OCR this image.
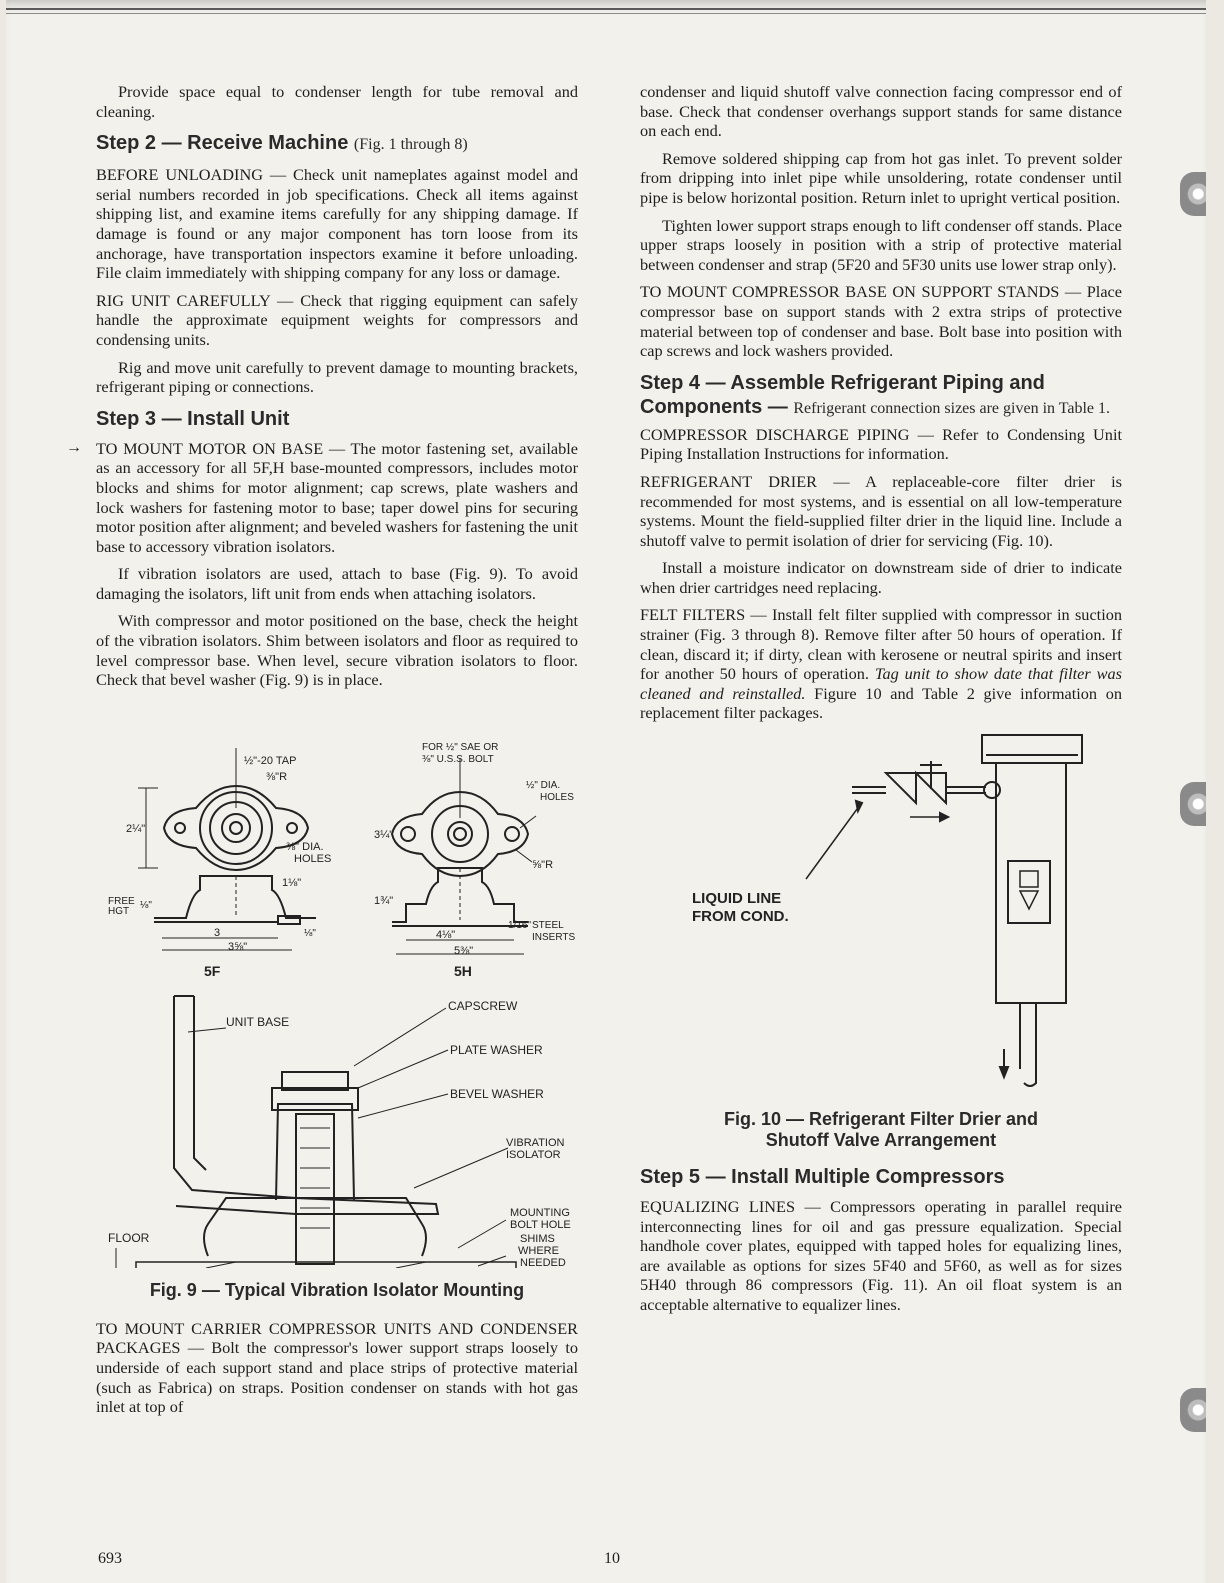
Provide space equal to condenser length for tube removal and cleaning.

Step 2 — Receive Machine (Fig. 1 through 8)

BEFORE UNLOADING — Check unit nameplates against model and serial numbers recorded in job specifications. Check all items against shipping list, and examine items carefully for any shipping damage. If damage is found or any major component has torn loose from its anchorage, have transportation inspectors examine it before unloading. File claim immediately with shipping company for any loss or damage.

RIG UNIT CAREFULLY — Check that rigging equipment can safely handle the approximate equipment weights for compressors and condensing units.

Rig and move unit carefully to prevent damage to mounting brackets, refrigerant piping or connections.

Step 3 — Install Unit
→ TO MOUNT MOTOR ON BASE — The motor fastening set, available as an accessory for all 5F,H base-mounted compressors, includes motor blocks and shims for motor alignment; cap screws, plate washers and lock washers for fastening motor to base; taper dowel pins for securing motor position after alignment; and beveled washers for fastening the unit base to accessory vibration isolators.

If vibration isolators are used, attach to base (Fig. 9). To avoid damaging the isolators, lift unit from ends when attaching isolators.

With compressor and motor positioned on the base, check the height of the vibration isolators. Shim between isolators and floor as required to level compressor base. When level, secure vibration isolators to floor. Check that bevel washer (Fig. 9) is in place.

½"-20 TAP
⅜"R
2¼"
⅜" DIA.
HOLES
1⅛"
FREE
HGT
⅛"
3
3⅝"
⅛"
5F
FOR ½" SAE OR
⅜" U.S.S. BOLT
½" DIA.
HOLES
3¼"
⅝"R
1¾"
4⅛"
5⅜"
1/16" STEEL
INSERTS
5H
UNIT BASE
CAPSCREW
PLATE WASHER
BEVEL WASHER
VIBRATION
ISOLATOR
MOUNTING
BOLT HOLE
SHIMS
WHERE
NEEDED
FLOOR
Fig. 9 — Typical Vibration Isolator Mounting

TO MOUNT CARRIER COMPRESSOR UNITS AND CONDENSER PACKAGES — Bolt the compressor's lower support straps loosely to underside of each support stand and place strips of protective material (such as Fabrica) on straps. Position condenser on stands with hot gas inlet at top of

condenser and liquid shutoff valve connection facing compressor end of base. Check that condenser overhangs support stands for same distance on each end.

Remove soldered shipping cap from hot gas inlet. To prevent solder from dripping into inlet pipe while unsoldering, rotate condenser until pipe is below horizontal position. Return inlet to upright vertical position.

Tighten lower support straps enough to lift condenser off stands. Place upper straps loosely in position with a strip of protective material between condenser and strap (5F20 and 5F30 units use lower strap only).

TO MOUNT COMPRESSOR BASE ON SUPPORT STANDS — Place compressor base on support stands with 2 extra strips of protective material between top of condenser and base. Bolt base into position with cap screws and lock washers provided.

Step 4 — Assemble Refrigerant Piping and Components — Refrigerant connection sizes are given in Table 1.

COMPRESSOR DISCHARGE PIPING — Refer to Condensing Unit Piping Installation Instructions for information.

REFRIGERANT DRIER — A replaceable-core filter drier is recommended for most systems, and is essential on all low-temperature systems. Mount the field-supplied filter drier in the liquid line. Include a shutoff valve to permit isolation of drier for servicing (Fig. 10).

Install a moisture indicator on downstream side of drier to indicate when drier cartridges need replacing.

FELT FILTERS — Install felt filter supplied with compressor in suction strainer (Fig. 3 through 8). Remove filter after 50 hours of operation. If clean, discard it; if dirty, clean with kerosene or neutral spirits and insert for another 50 hours of operation. Tag unit to show date that filter was cleaned and reinstalled. Figure 10 and Table 2 give information on replacement filter packages.

LIQUID LINE
FROM COND.
Fig. 10 — Refrigerant Filter Drier and
Shutoff Valve Arrangement
Step 5 — Install Multiple Compressors

EQUALIZING LINES — Compressors operating in parallel require interconnecting lines for oil and gas pressure equalization. Special handhole cover plates, equipped with tapped holes for equalizing lines, are available as options for sizes 5F40 and 5F60, as well as for sizes 5H40 through 86 compressors (Fig. 11). An oil float system is an acceptable alternative to equalizer lines.

693	10
